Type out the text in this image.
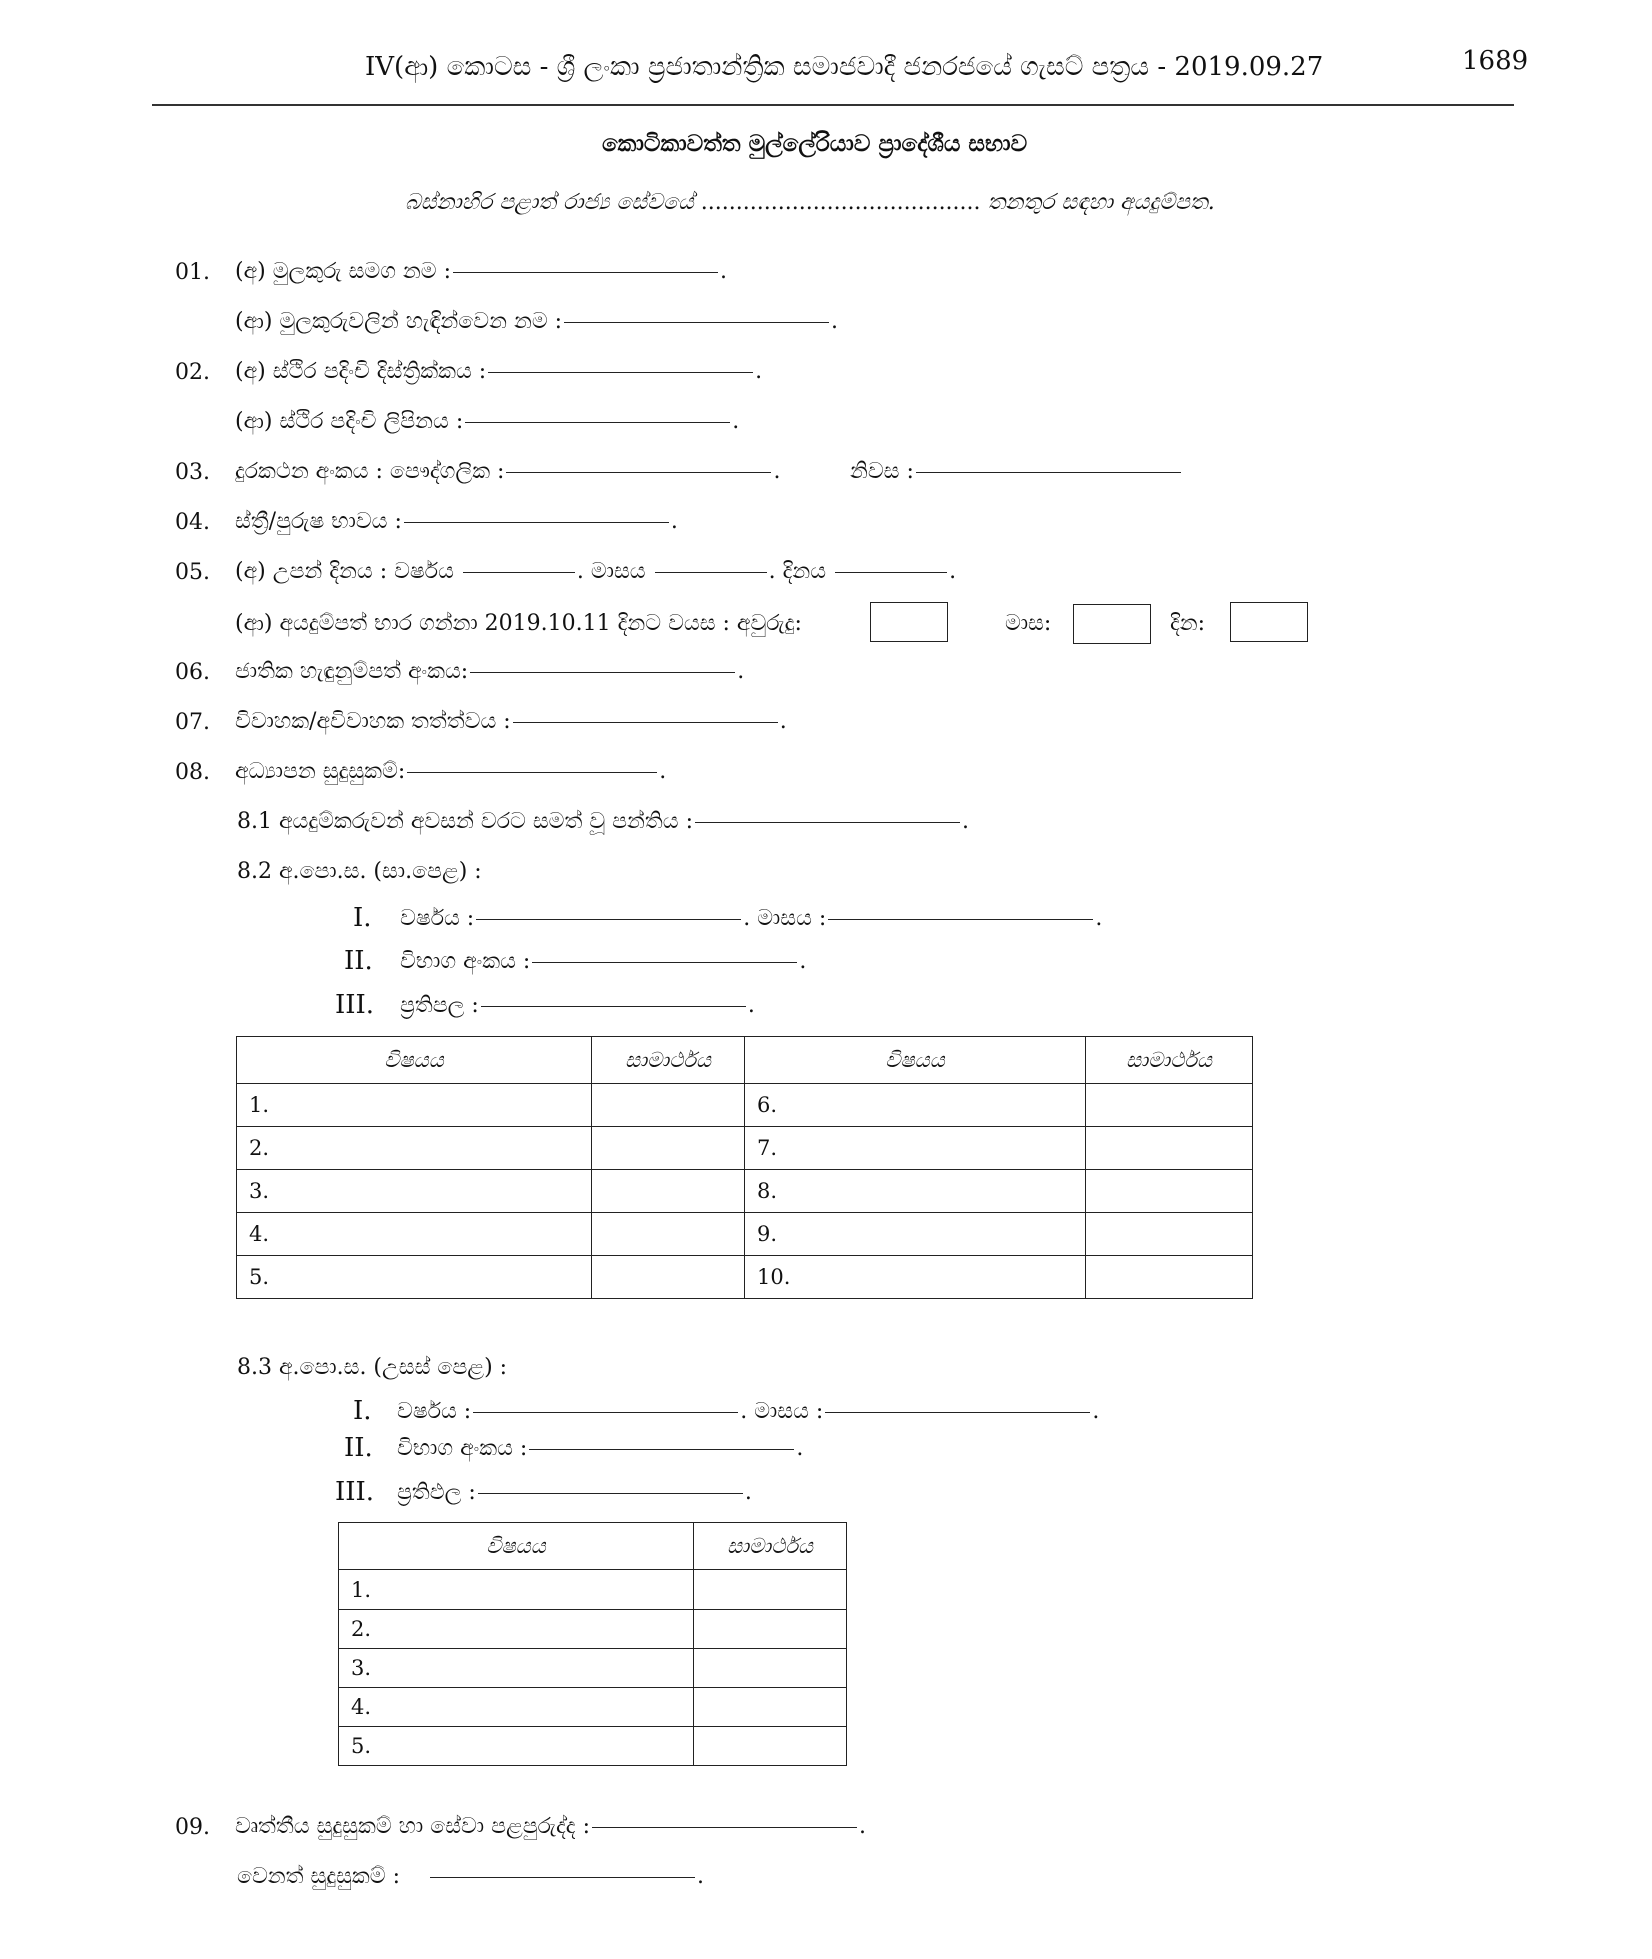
IV(ආ) කොටස - ශ්‍රී ලංකා ප්‍රජාතාන්ත්‍රික සමාජවාදී ජනරජයේ ගැසට් පත්‍රය - 2019.09.27	1689
කොටිකාවත්ත මුල්ලේරියාව ප්‍රාදේශීය සභාව
බස්නාහිර පළාත් රාජ්‍ය සේවයේ ........................................ තනතුර සඳහා අයදුම්පත.
01. (අ) මුලකුරු සමග නම :	.
(ආ) මුලකුරුවලින් හැඳින්වෙන නම :	.
02. (අ) ස්ථිර පදිංචි දිස්ත්‍රික්කය :	.
(ආ) ස්ථිර පදිංචි ලිපිනය :	.
03. දුරකථන අංකය : පෞද්ගලික :	.	නිවස :
04. ස්ත්‍රී/පුරුෂ භාවය :	.
05. (අ) උපන් දිනය : වර්ෂය	. මාසය	. දිනය	.
(ආ) අයදුම්පත් භාර ගන්නා 2019.10.11 දිනට වයස : අවුරුදු:	මාස:	දින:
06. ජාතික හැඳුනුම්පත් අංකය:	.
07. විවාහක/අවිවාහක තත්ත්වය :	.
08. අධ්‍යාපන සුදුසුකම්:	.
8.1 අයදුම්කරුවන් අවසන් වරට සමත් වූ පන්තිය :	.
8.2 අ.පො.ස. (සා.පෙළ) :
I. වර්ෂය :	. මාසය :	.
II. විභාග අංකය :	.
III. ප්‍රතිපල :	.
විෂයය	සාමාර්ථය	විෂයය	සාමාර්ථය
1.		6.	
2.		7.	
3.		8.	
4.		9.	
5.		10.	
8.3 අ.පො.ස. (උසස් පෙළ) :
I. වර්ෂය :	. මාසය :	.
II. විභාග අංකය :	.
III. ප්‍රතිඵල :	.
විෂයය	සාමාර්ථය
1.	
2.	
3.	
4.	
5.	
09. වෘත්තීය සුදුසුකම් හා සේවා පළපුරුද්ද :	.
වෙනත් සුදුසුකම් :	.
